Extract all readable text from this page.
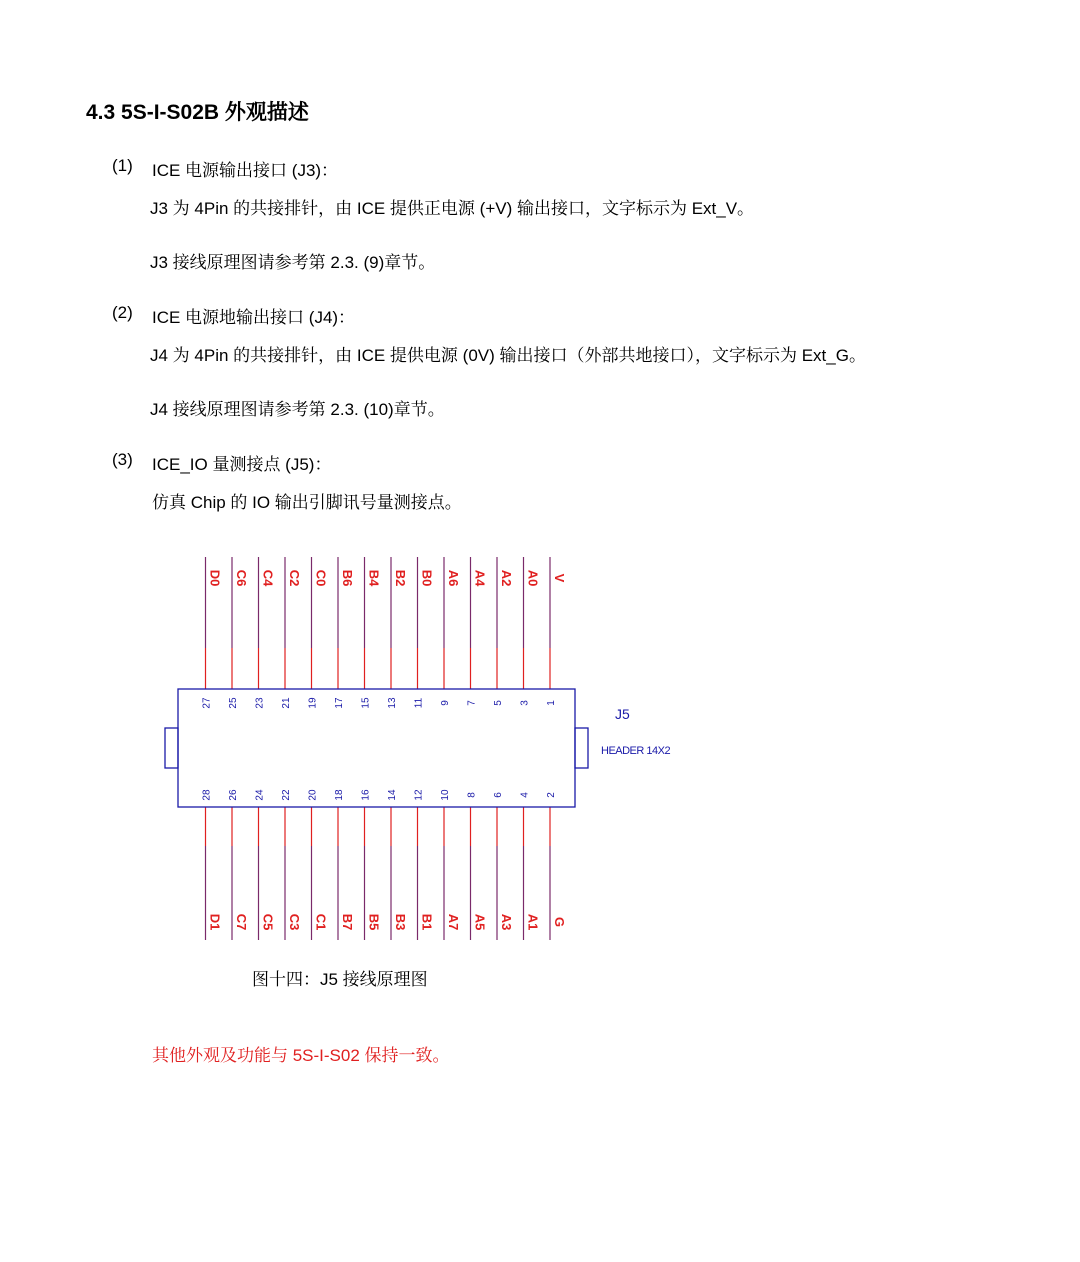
4.3 5S-I-S02B 外观描述
(1) ICE 电源输出接口 (J3)：
J3 为 4Pin 的共接排针，由 ICE 提供正电源 (+V) 输出接口，文字标示为 Ext_V。
J3 接线原理图请参考第 2.3. (9)章节。
(2) ICE 电源地输出接口 (J4)：
J4 为 4Pin 的共接排针，由 ICE 提供电源 (0V) 输出接口（外部共地接口），文字标示为 Ext_G。
J4 接线原理图请参考第 2.3. (10)章节。
(3) ICE_IO 量测接点 (J5)：
仿真 Chip 的 IO 输出引脚讯号量测接点。
J5
HEADER 14X2
D0
27
C6
25
C4
23
C2
21
C0
19
B6
17
B4
15
B2
13
B0
11
A6
9
A4
7
A2
5
A0
3
V
1
D1
28
C7
26
C5
24
C3
22
C1
20
B7
18
B5
16
B3
14
B1
12
A7
10
A5
8
A3
6
A1
4
G
2
图十四：J5 接线原理图
其他外观及功能与 5S-I-S02 保持一致。
